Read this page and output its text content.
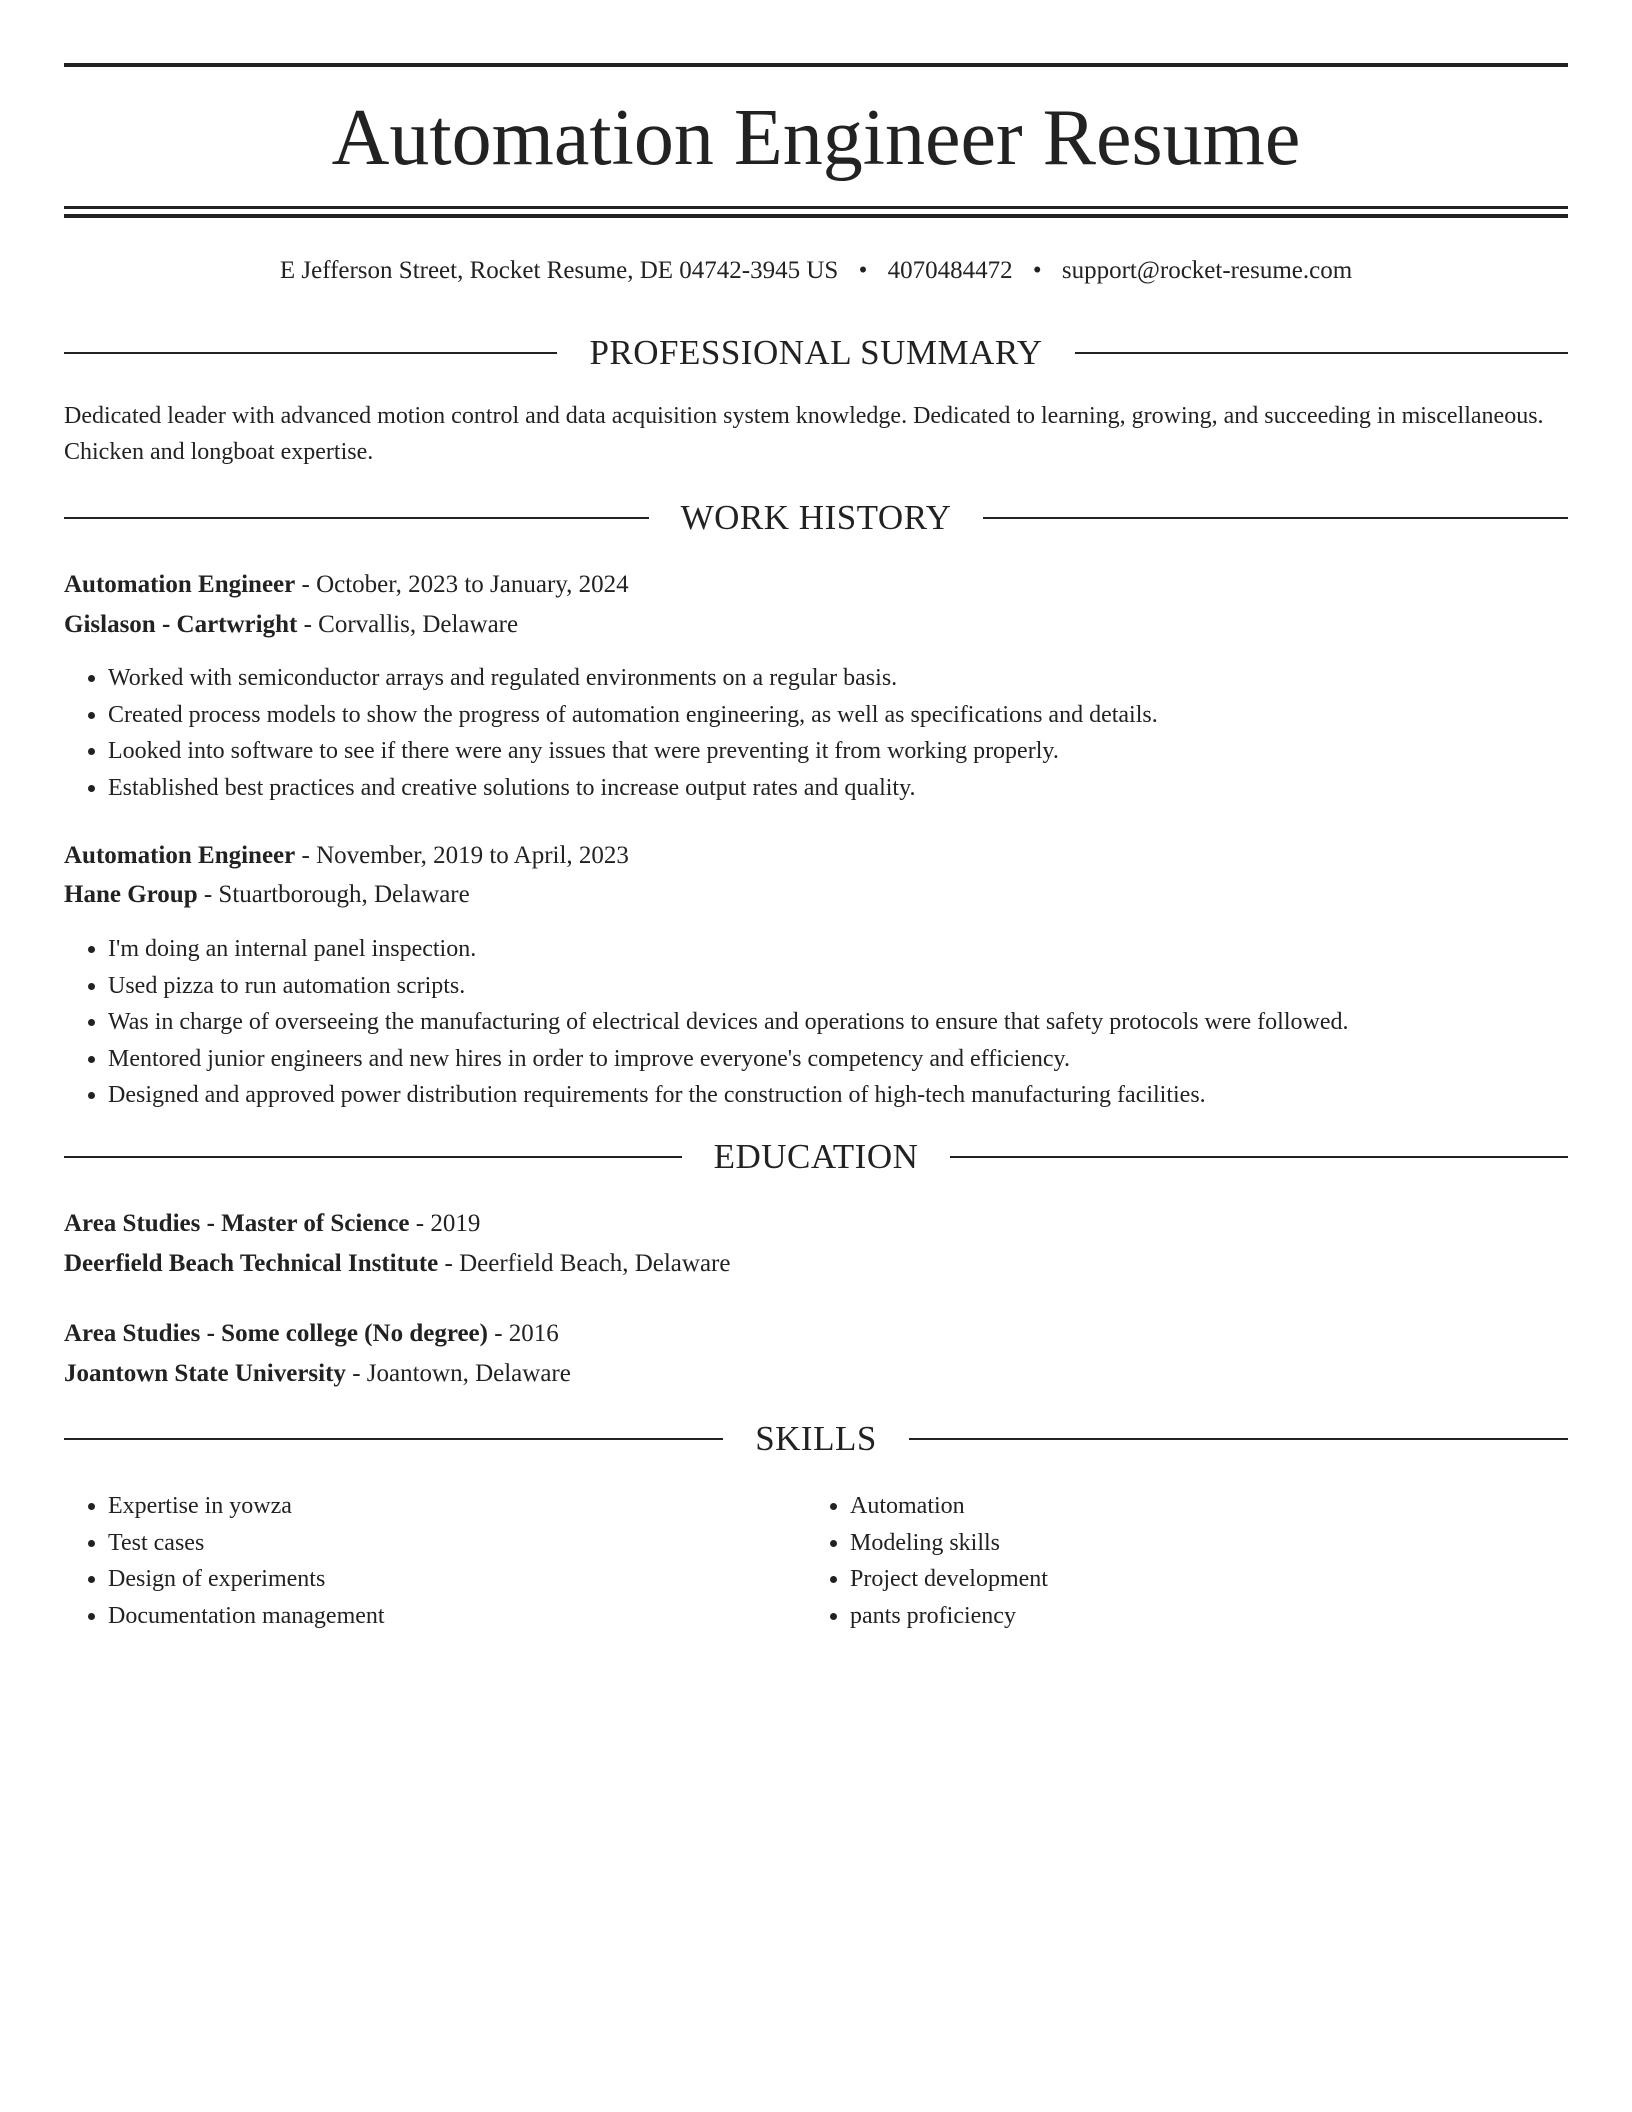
Automation Engineer Resume
E Jefferson Street, Rocket Resume, DE 04742-3945 US • 4070484472 • support@rocket-resume.com
PROFESSIONAL SUMMARY

Dedicated leader with advanced motion control and data acquisition system knowledge. Dedicated to learning, growing, and succeeding in miscellaneous. Chicken and longboat expertise.

WORK HISTORY
Automation Engineer - October, 2023 to January, 2024
Gislason - Cartwright - Corvallis, Delaware
• Worked with semiconductor arrays and regulated environments on a regular basis.
• Created process models to show the progress of automation engineering, as well as specifications and details.
• Looked into software to see if there were any issues that were preventing it from working properly.
• Established best practices and creative solutions to increase output rates and quality.
Automation Engineer - November, 2019 to April, 2023
Hane Group - Stuartborough, Delaware
• I'm doing an internal panel inspection.
• Used pizza to run automation scripts.
• Was in charge of overseeing the manufacturing of electrical devices and operations to ensure that safety protocols were followed.
• Mentored junior engineers and new hires in order to improve everyone's competency and efficiency.
• Designed and approved power distribution requirements for the construction of high-tech manufacturing facilities.
EDUCATION
Area Studies - Master of Science - 2019
Deerfield Beach Technical Institute - Deerfield Beach, Delaware
Area Studies - Some college (No degree) - 2016
Joantown State University - Joantown, Delaware
SKILLS
• Expertise in yowza
• Test cases
• Design of experiments
• Documentation management
• Automation
• Modeling skills
• Project development
• pants proficiency
